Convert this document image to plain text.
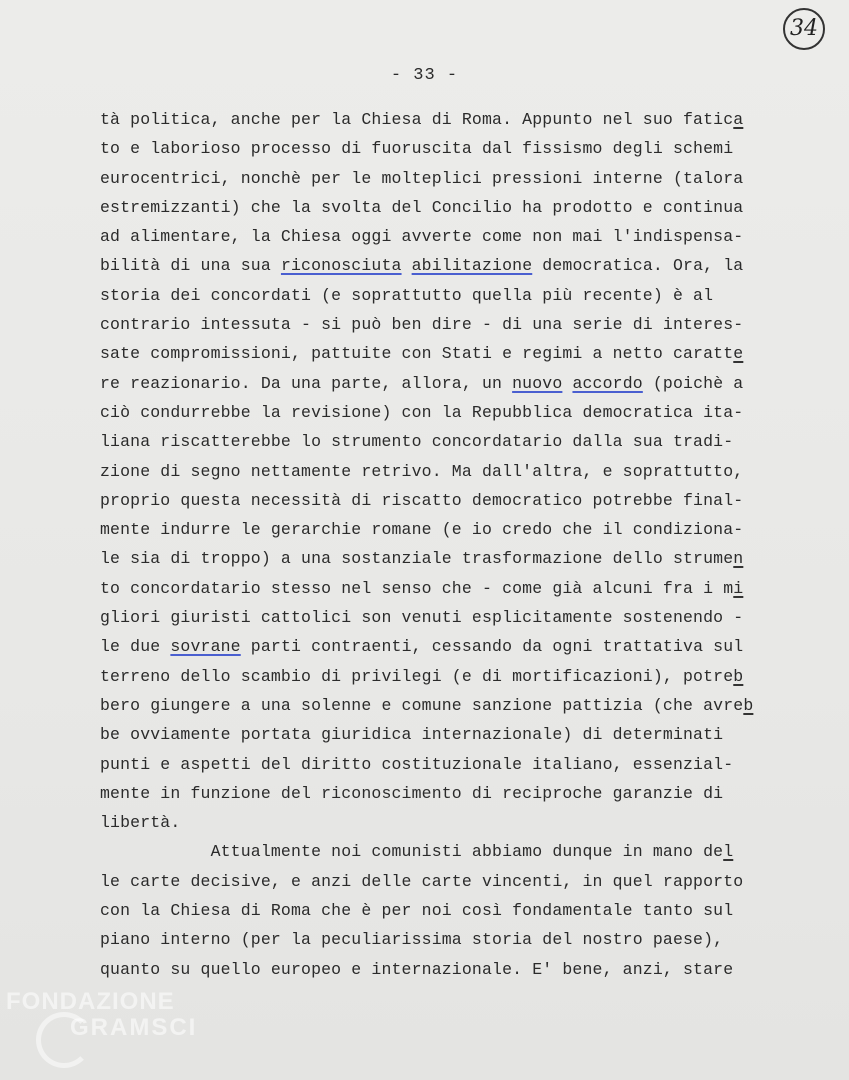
34
- 33 -
tà politica, anche per la Chiesa di Roma. Appunto nel suo fatica
to e laborioso processo di fuoruscita dal fissismo degli schemi
eurocentrici, nonchè per le molteplici pressioni interne (talora
estremizzanti) che la svolta del Concilio ha prodotto e continua
ad alimentare, la Chiesa oggi avverte come non mai l'indispensa-
bilità di una sua riconosciuta abilitazione democratica. Ora, la
storia dei concordati (e soprattutto quella più recente) è al
contrario intessuta - si può ben dire - di una serie di interes-
sate compromissioni, pattuite con Stati e regimi a netto caratte
re reazionario. Da una parte, allora, un nuovo accordo (poichè a
ciò condurrebbe la revisione) con la Repubblica democratica ita-
liana riscatterebbe lo strumento concordatario dalla sua tradi-
zione di segno nettamente retrivo. Ma dall'altra, e soprattutto,
proprio questa necessità di riscatto democratico potrebbe final-
mente indurre le gerarchie romane (e io credo che il condiziona-
le sia di troppo) a una sostanziale trasformazione dello strumen
to concordatario stesso nel senso che - come già alcuni fra i mi
gliori giuristi cattolici son venuti esplicitamente sostenendo -
le due sovrane parti contraenti, cessando da ogni trattativa sul
terreno dello scambio di privilegi (e di mortificazioni), potreb
bero giungere a una solenne e comune sanzione pattizia (che avreb
be ovviamente portata giuridica internazionale) di determinati
punti e aspetti del diritto costituzionale italiano, essenzial-
mente in funzione del riconoscimento di reciproche garanzie di
libertà.
Attualmente noi comunisti abbiamo dunque in mano del
le carte decisive, e anzi delle carte vincenti, in quel rapporto
con la Chiesa di Roma che è per noi così fondamentale tanto sul
piano interno (per la peculiarissima storia del nostro paese),
quanto su quello europeo e internazionale. E' bene, anzi, stare
FONDAZIONE
GRAMSCI
